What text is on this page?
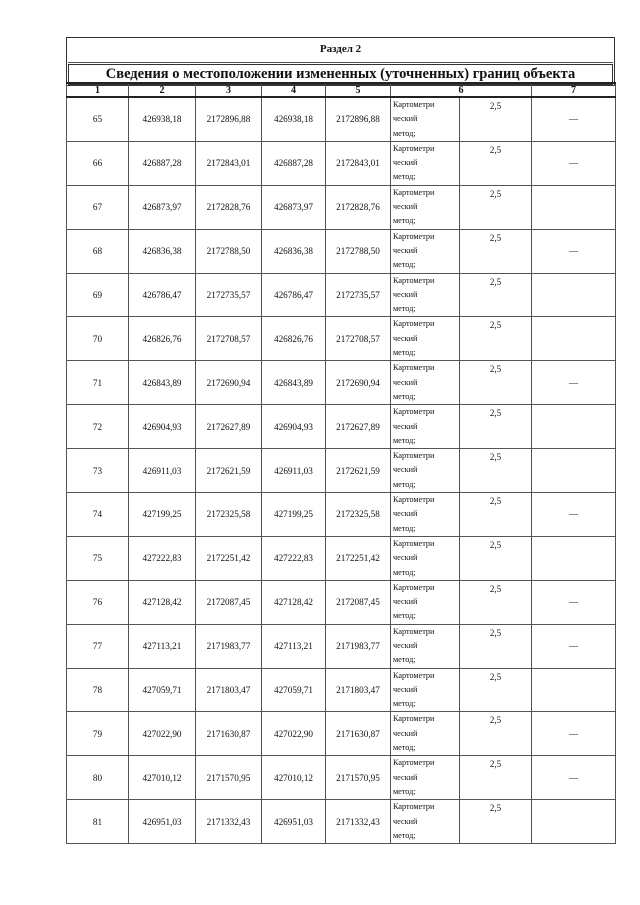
Раздел 2
Сведения о местоположении измененных (уточненных) границ объекта
1	2	3	4	5	6		7
65	426938,18	2172896,88	426938,18	2172896,88	Картометри
ческий
метод;	2,5	—
66	426887,28	2172843,01	426887,28	2172843,01	Картометри
ческий
метод;	2,5	—
67	426873,97	2172828,76	426873,97	2172828,76	Картометри
ческий
метод;	2,5	
68	426836,38	2172788,50	426836,38	2172788,50	Картометри
ческий
метод;	2,5	—
69	426786,47	2172735,57	426786,47	2172735,57	Картометри
ческий
метод;	2,5	
70	426826,76	2172708,57	426826,76	2172708,57	Картометри
ческий
метод;	2,5	
71	426843,89	2172690,94	426843,89	2172690,94	Картометри
ческий
метод;	2,5	—
72	426904,93	2172627,89	426904,93	2172627,89	Картометри
ческий
метод;	2,5	
73	426911,03	2172621,59	426911,03	2172621,59	Картометри
ческий
метод;	2,5	
74	427199,25	2172325,58	427199,25	2172325,58	Картометри
ческий
метод;	2,5	—
75	427222,83	2172251,42	427222,83	2172251,42	Картометри
ческий
метод;	2,5	
76	427128,42	2172087,45	427128,42	2172087,45	Картометри
ческий
метод;	2,5	—
77	427113,21	2171983,77	427113,21	2171983,77	Картометри
ческий
метод;	2,5	—
78	427059,71	2171803,47	427059,71	2171803,47	Картометри
ческий
метод;	2,5	
79	427022,90	2171630,87	427022,90	2171630,87	Картометри
ческий
метод;	2,5	—
80	427010,12	2171570,95	427010,12	2171570,95	Картометри
ческий
метод;	2,5	—
81	426951,03	2171332,43	426951,03	2171332,43	Картометри
ческий
метод;	2,5	
